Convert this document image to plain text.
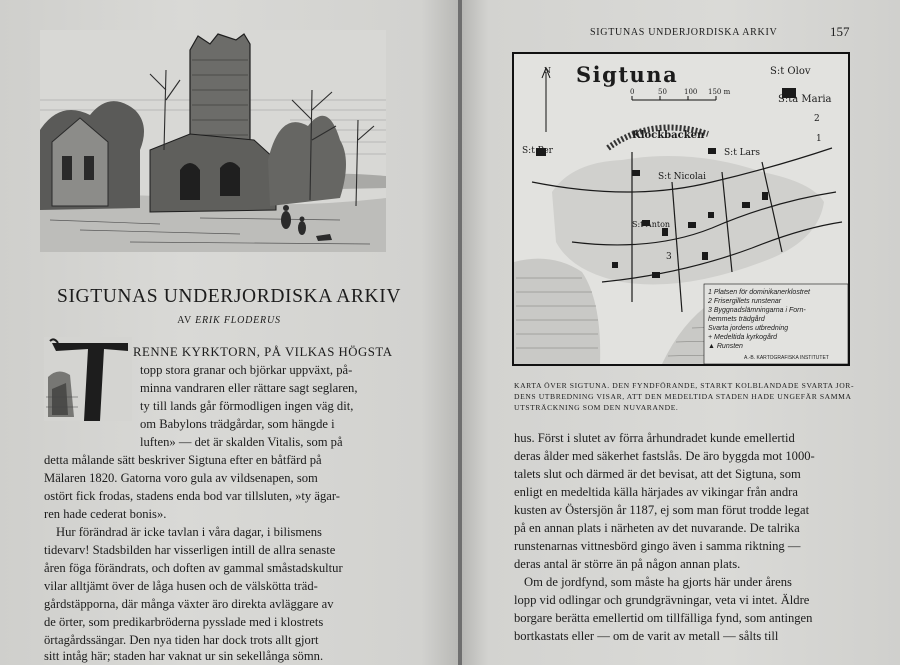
SIGTUNAS UNDERJORDISKA ARKIV
AV ERIK FLODERUS
RENNE KYRKTORN, PÅ VILKAS HÖGSTA
topp stora granar och björkar uppväxt, på-
minna vandraren eller rättare sagt seglaren,
ty till lands går förmodligen ingen väg dit,
om Babylons trädgårdar, som hängde i
luften» — det är skalden Vitalis, som på
detta målande sätt beskriver Sigtuna efter en båtfärd på
Mälaren 1820. Gatorna voro gula av vildsenapen, som
ostört fick frodas, stadens enda bod var tillsluten, »ty ägar-
ren hade cederat bonis».
Hur förändrad är icke tavlan i våra dagar, i bilismens
tidevarv! Stadsbilden har visserligen intill de allra senaste
åren föga förändrats, och doften av gammal småstadskultur
vilar alltjämt över de låga husen och de välskötta träd-
gårdstäpporna, där många växter äro direkta avläggare av
de örter, som predikarbröderna pysslade med i klostrets
örtagårdssängar. Den nya tiden har dock trots allt gjort
sitt intåg här; staden har vaknat ur sin sekellånga sömn.
SIGTUNAS UNDERJORDISKA ARKIV	157
Sigtuna
N
0	50 100 150 m
S:t Olov
S:ta Maria
Klockbacken
S:t Per	S:t Lars
S:t Nicolai
S:t Anton
1
2
3
1 Platsen för dominikanerklostret
2 Frisergillets runstenar
3 Byggnadslämningarna i Forn-
hemmets trädgård
Svarta jordens utbredning
+ Medeltida kyrkogård
▲ Runsten
A.-B. KARTOGRAFISKA INSTITUTET
KARTA ÖVER SIGTUNA. DEN FYNDFÖRANDE, STARKT KOLBLANDADE SVARTA JOR-
DENS UTBREDNING VISAR, ATT DEN MEDELTIDA STADEN HADE UNGEFÄR SAMMA
UTSTRÄCKNING SOM DEN NUVARANDE.
hus. Först i slutet av förra århundradet kunde emellertid
deras ålder med säkerhet fastslås. De äro byggda mot 1000-
talets slut och därmed är det bevisat, att det Sigtuna, som
enligt en medeltida källa härjades av vikingar från andra
kusten av Östersjön år 1187, ej som man förut trodde legat
på en annan plats i närheten av det nuvarande. De talrika
runstenarnas vittnesbörd gingo även i samma riktning —
deras antal är större än på någon annan plats.
Om de jordfynd, som måste ha gjorts här under årens
lopp vid odlingar och grundgrävningar, veta vi intet. Äldre
borgare berätta emellertid om tillfälliga fynd, som antingen
bortkastats eller — om de varit av metall — sålts till
